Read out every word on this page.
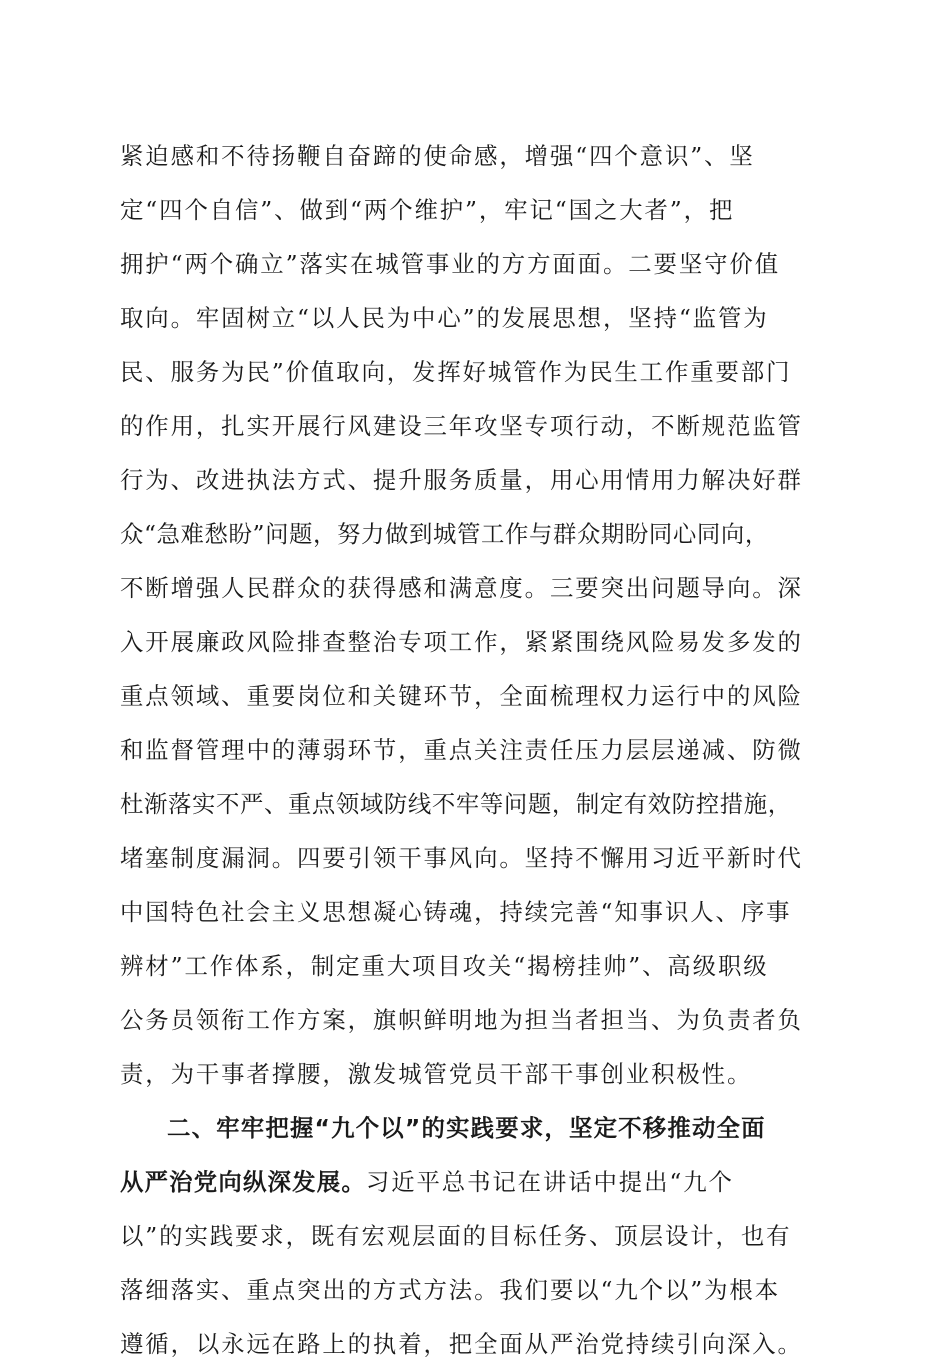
紧迫感和不待扬鞭自奋蹄的使命感，增强“四个意识”、坚
定“四个自信”、做到“两个维护”，牢记“国之大者”，把
拥护“两个确立”落实在城管事业的方方面面。二要坚守价值
取向。牢固树立“以人民为中心”的发展思想，坚持“监管为
民、服务为民”价值取向，发挥好城管作为民生工作重要部门
的作用，扎实开展行风建设三年攻坚专项行动，不断规范监管
行为、改进执法方式、提升服务质量，用心用情用力解决好群
众“急难愁盼”问题，努力做到城管工作与群众期盼同心同向，
不断增强人民群众的获得感和满意度。三要突出问题导向。深
入开展廉政风险排查整治专项工作，紧紧围绕风险易发多发的
重点领域、重要岗位和关键环节，全面梳理权力运行中的风险
和监督管理中的薄弱环节，重点关注责任压力层层递减、防微
杜渐落实不严、重点领域防线不牢等问题，制定有效防控措施，
堵塞制度漏洞。四要引领干事风向。坚持不懈用习近平新时代
中国特色社会主义思想凝心铸魂，持续完善“知事识人、序事
辨材”工作体系，制定重大项目攻关“揭榜挂帅”、高级职级
公务员领衔工作方案，旗帜鲜明地为担当者担当、为负责者负
责，为干事者撑腰，激发城管党员干部干事创业积极性。
二、牢牢把握“九个以”的实践要求，坚定不移推动全面
从严治党向纵深发展。习近平总书记在讲话中提出“九个
以”的实践要求，既有宏观层面的目标任务、顶层设计，也有
落细落实、重点突出的方式方法。我们要以“九个以”为根本
遵循，以永远在路上的执着，把全面从严治党持续引向深入。
